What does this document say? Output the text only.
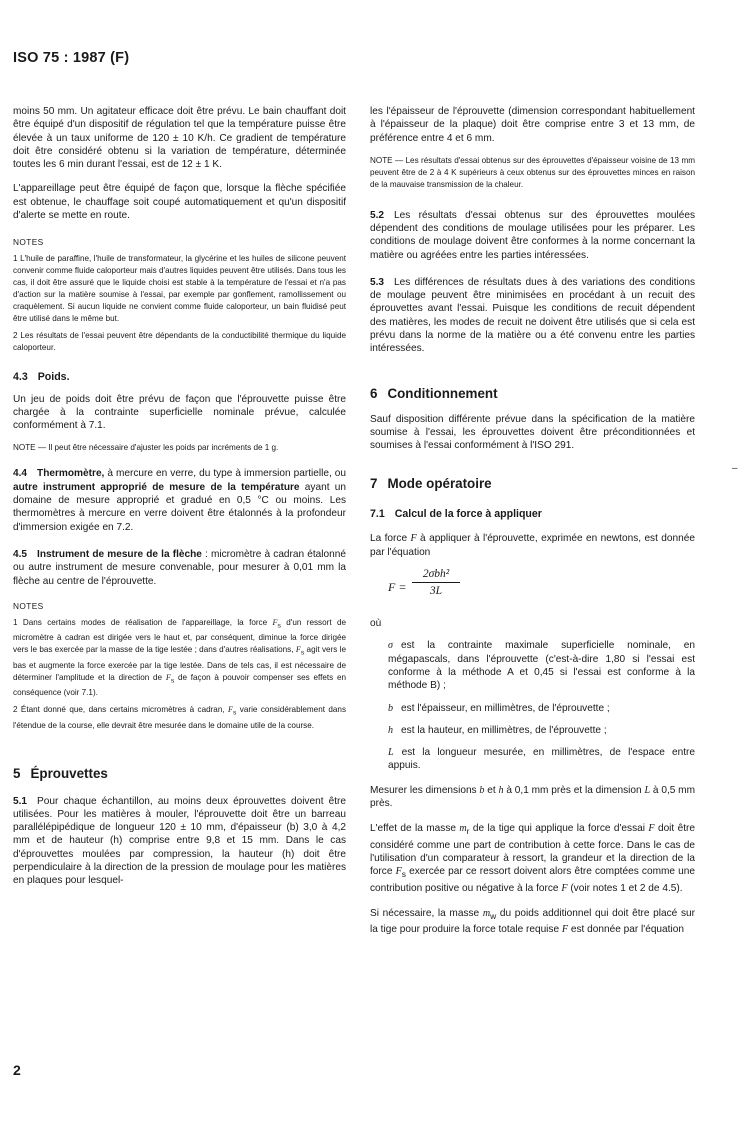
ISO 75 : 1987 (F)

moins 50 mm. Un agitateur efficace doit être prévu. Le bain chauffant doit être équipé d'un dispositif de régulation tel que la température puisse être élevée à un taux uniforme de 120 ± 10 K/h. Ce gradient de température doit être considéré obtenu si la variation de température, déterminée toutes les 6 min durant l'essai, est de 12 ± 1 K.

L'appareillage peut être équipé de façon que, lorsque la flèche spécifiée est obtenue, le chauffage soit coupé automatiquement et qu'un dispositif d'alerte se mette en route.

NOTES

1 L'huile de paraffine, l'huile de transformateur, la glycérine et les huiles de silicone peuvent convenir comme fluide caloporteur mais d'autres liquides peuvent être utilisés. Dans tous les cas, il doit être assuré que le liquide choisi est stable à la température de l'essai et n'a pas d'action sur la matière soumise à l'essai, par exemple par gonflement, ramollissement ou craquèlement. Si aucun liquide ne convient comme fluide caloporteur, un bain fluidisé peut être utilisé dans le même but.

2 Les résultats de l'essai peuvent être dépendants de la conductibilité thermique du liquide caloporteur.

4.3 Poids.

Un jeu de poids doit être prévu de façon que l'éprouvette puisse être chargée à la contrainte superficielle nominale prévue, calculée conformément à 7.1.

NOTE — Il peut être nécessaire d'ajuster les poids par incréments de 1 g.

4.4 Thermomètre, à mercure en verre, du type à immersion partielle, ou autre instrument approprié de mesure de la température ayant un domaine de mesure approprié et gradué en 0,5 °C ou moins. Les thermomètres à mercure en verre doivent être étalonnés à la profondeur d'immersion exigée en 7.2.

4.5 Instrument de mesure de la flèche : micromètre à cadran étalonné ou autre instrument de mesure convenable, pour mesurer à 0,01 mm la flèche au centre de l'éprouvette.

NOTES

1 Dans certains modes de réalisation de l'appareillage, la force $F_s$ d'un ressort de micromètre à cadran est dirigée vers le haut et, par conséquent, diminue la force dirigée vers le bas exercée par la masse de la tige lestée ; dans d'autres réalisations, $F_s$ agit vers le bas et augmente la force exercée par la tige lestée. Dans de tels cas, il est nécessaire de déterminer l'amplitude et la direction de $F_s$ de façon à pouvoir compenser ses effets en conséquence (voir 7.1).

2 Étant donné que, dans certains micromètres à cadran, $F_s$ varie considérablement dans l'étendue de la course, elle devrait être mesurée dans le domaine utile de la course.

5 Éprouvettes

5.1 Pour chaque échantillon, au moins deux éprouvettes doivent être utilisées. Pour les matières à mouler, l'éprouvette doit être un barreau parallélépipédique de longueur 120 ± 10 mm, d'épaisseur (b) 3,0 à 4,2 mm et de hauteur (h) comprise entre 9,8 et 15 mm. Dans le cas d'éprouvettes moulées par compression, la hauteur (h) doit être perpendiculaire à la direction de la pression de moulage pour les matières en plaques pour lesquel-

les l'épaisseur de l'éprouvette (dimension correspondant habituellement à l'épaisseur de la plaque) doit être comprise entre 3 et 13 mm, de préférence entre 4 et 6 mm.

NOTE — Les résultats d'essai obtenus sur des éprouvettes d'épaisseur voisine de 13 mm peuvent être de 2 à 4 K supérieurs à ceux obtenus sur des éprouvettes minces en raison de la mauvaise transmission de la chaleur.

5.2 Les résultats d'essai obtenus sur des éprouvettes moulées dépendent des conditions de moulage utilisées pour les préparer. Les conditions de moulage doivent être conformes à la norme concernant la matière ou agréées entre les parties intéressées.

5.3 Les différences de résultats dues à des variations des conditions de moulage peuvent être minimisées en procédant à un recuit des éprouvettes avant l'essai. Puisque les conditions de recuit dépendent des matières, les modes de recuit ne doivent être utilisés que si cela est prévu dans la norme de la matière ou a été convenu entre les parties intéressées.

6 Conditionnement

Sauf disposition différente prévue dans la spécification de la matière soumise à l'essai, les éprouvettes doivent être préconditionnées et soumises à l'essai conformément à l'ISO 291.

7 Mode opératoire
7.1 Calcul de la force à appliquer

La force F à appliquer à l'éprouvette, exprimée en newtons, est donnée par l'équation

F =
2σbh²
3L

où

σ est la contrainte maximale superficielle nominale, en mégapascals, dans l'éprouvette (c'est-à-dire 1,80 si l'essai est conforme à la méthode A et 0,45 si l'essai est conforme à la méthode B) ;

b est l'épaisseur, en millimètres, de l'éprouvette ;

h est la hauteur, en millimètres, de l'éprouvette ;

L est la longueur mesurée, en millimètres, de l'espace entre appuis.

Mesurer les dimensions b et h à 0,1 mm près et la dimension L à 0,5 mm près.

L'effet de la masse $m_r$ de la tige qui applique la force d'essai F doit être considéré comme une part de contribution à cette force. Dans le cas de l'utilisation d'un comparateur à ressort, la grandeur et la direction de la force $F_s$ exercée par ce ressort doivent alors être comptées comme une contribution positive ou négative à la force F (voir notes 1 et 2 de 4.5).

Si nécessaire, la masse $m_w$ du poids additionnel qui doit être placé sur la tige pour produire la force totale requise F est donnée par l'équation

–
2
